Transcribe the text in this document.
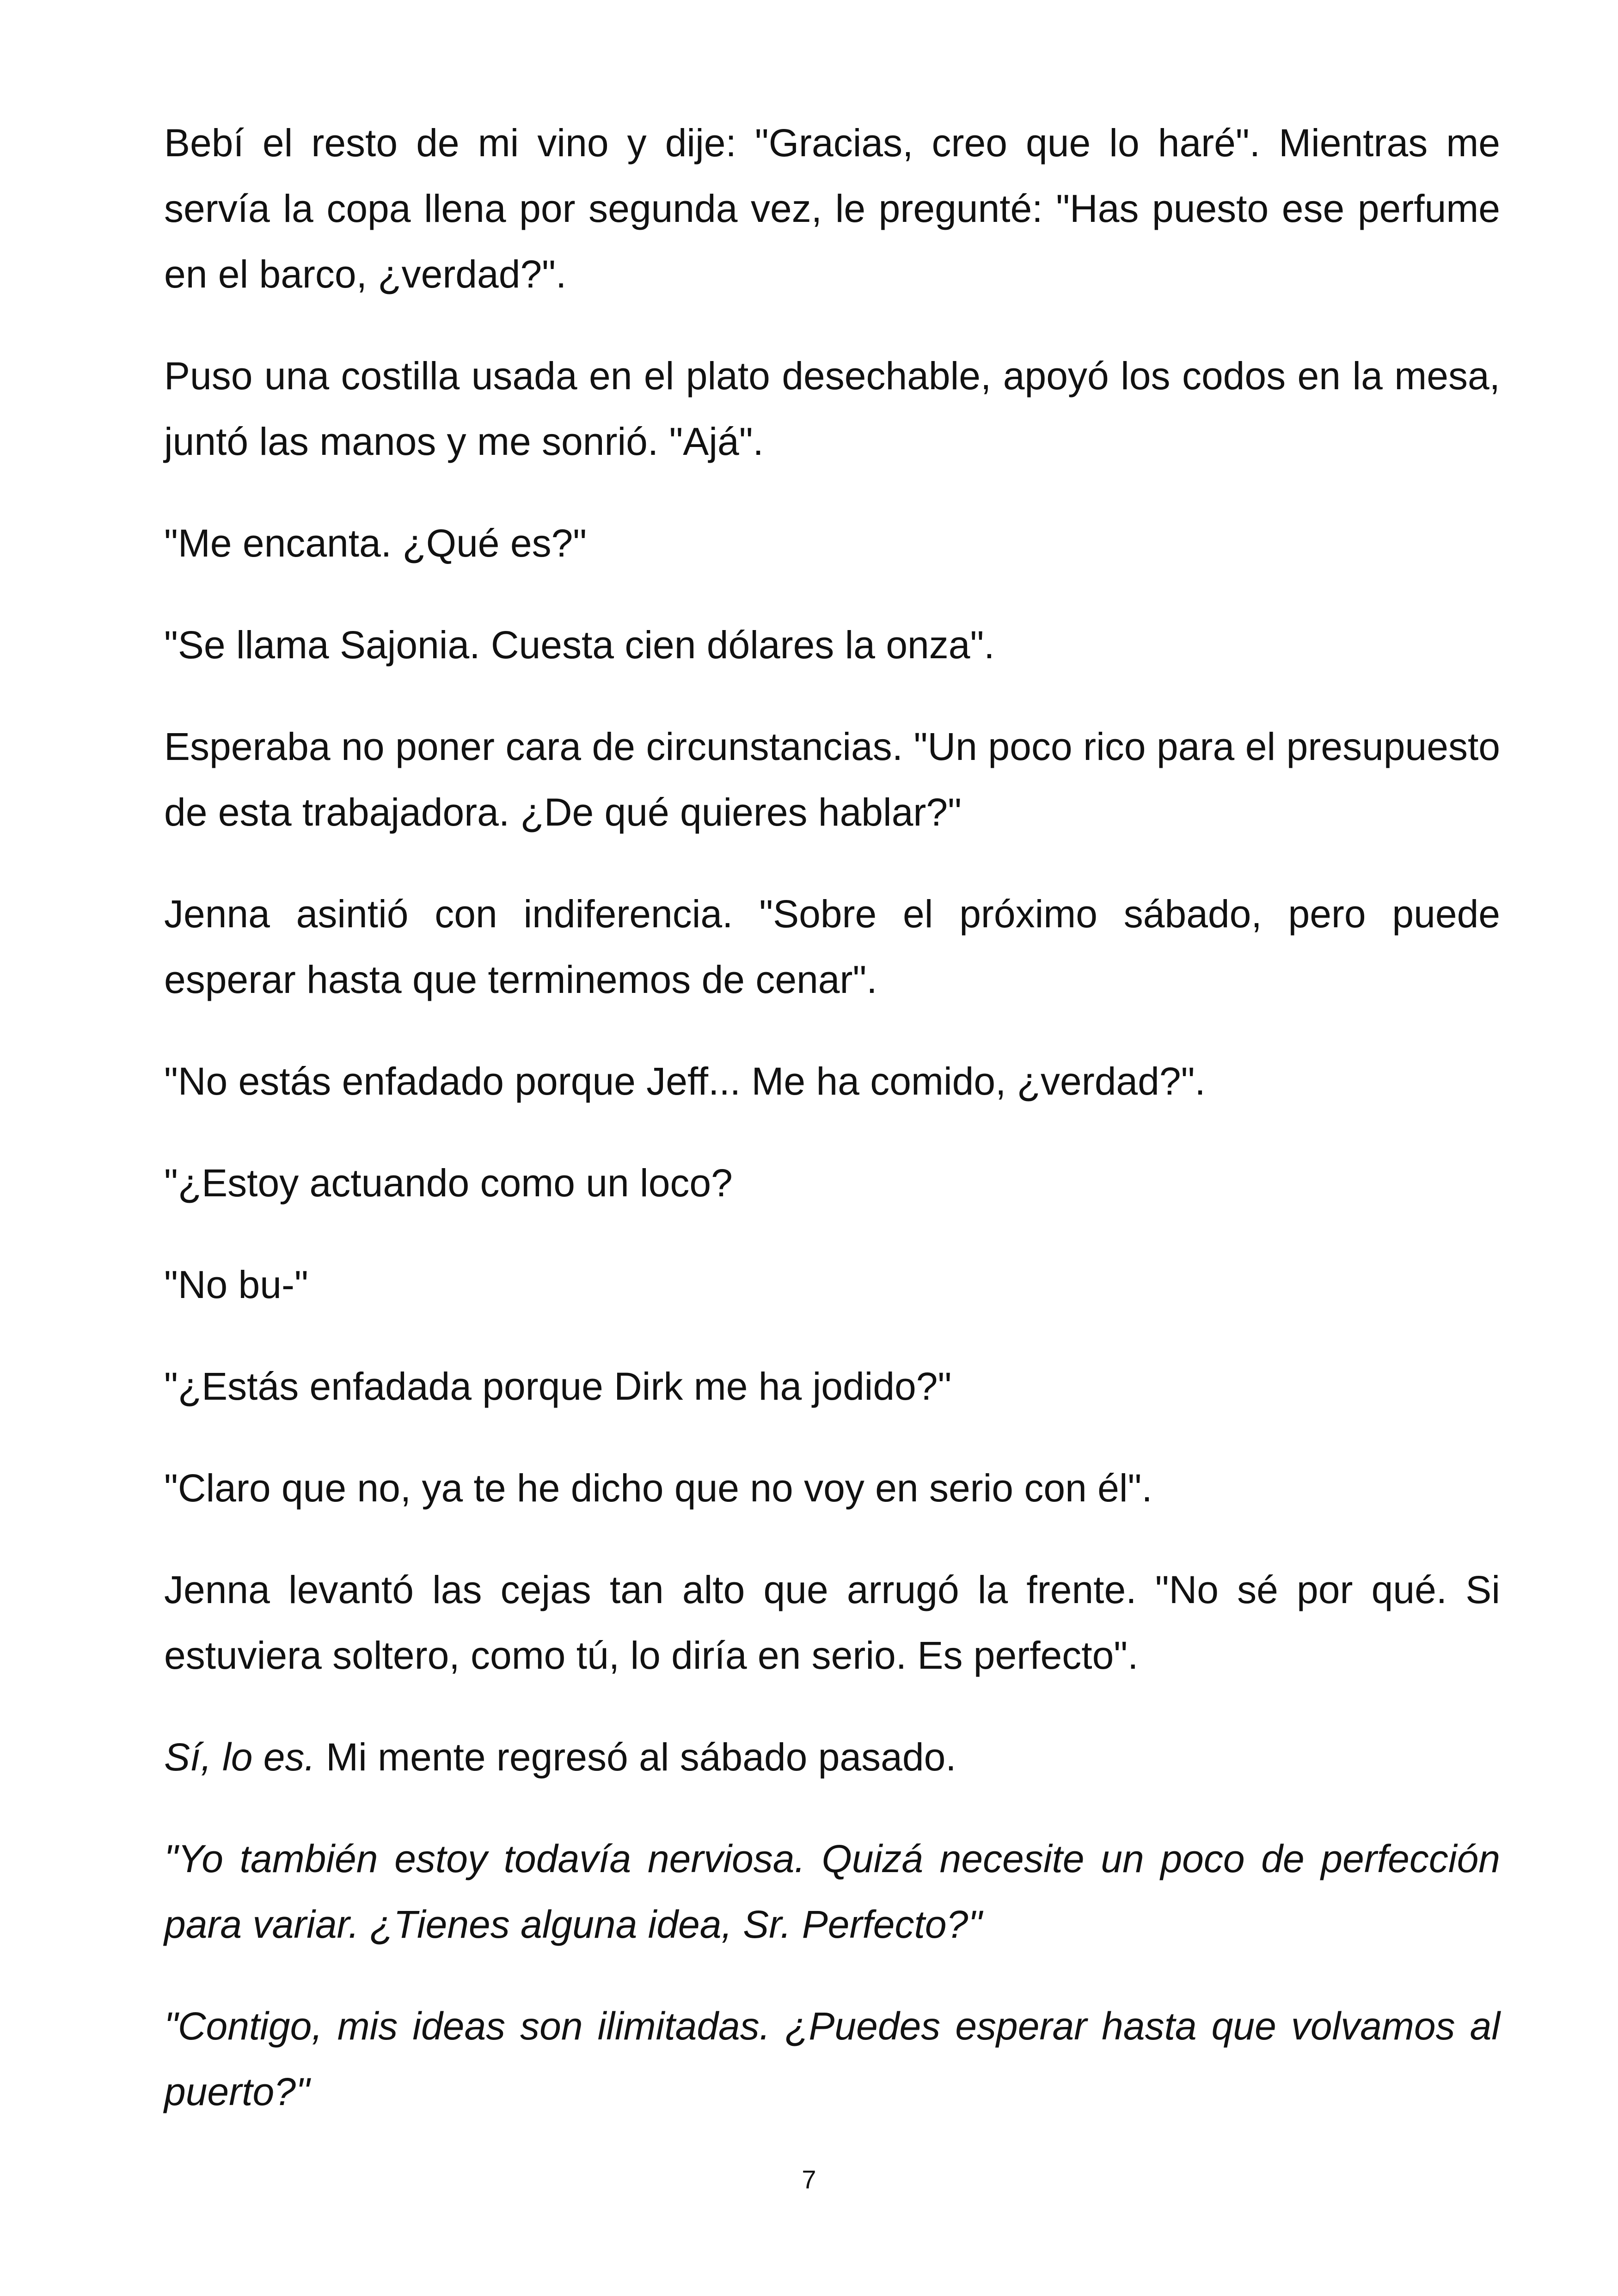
Bebí el resto de mi vino y dije: "Gracias, creo que lo haré". Mientras me servía la copa llena por segunda vez, le pregunté: "Has puesto ese perfume en el barco, ¿verdad?".

Puso una costilla usada en el plato desechable, apoyó los codos en la mesa, juntó las manos y me sonrió. "Ajá".

"Me encanta. ¿Qué es?"

"Se llama Sajonia. Cuesta cien dólares la onza".

Esperaba no poner cara de circunstancias. "Un poco rico para el presupuesto de esta trabajadora. ¿De qué quieres hablar?"

Jenna asintió con indiferencia. "Sobre el próximo sábado, pero puede esperar hasta que terminemos de cenar".

"No estás enfadado porque Jeff... Me ha comido, ¿verdad?".

"¿Estoy actuando como un loco?

"No bu-"

"¿Estás enfadada porque Dirk me ha jodido?"

"Claro que no, ya te he dicho que no voy en serio con él".

Jenna levantó las cejas tan alto que arrugó la frente. "No sé por qué. Si estuviera soltero, como tú, lo diría en serio. Es perfecto".

Sí, lo es. Mi mente regresó al sábado pasado.

"Yo también estoy todavía nerviosa. Quizá necesite un poco de perfección para variar. ¿Tienes alguna idea, Sr. Perfecto?"

"Contigo, mis ideas son ilimitadas. ¿Puedes esperar hasta que volvamos al puerto?"

7
